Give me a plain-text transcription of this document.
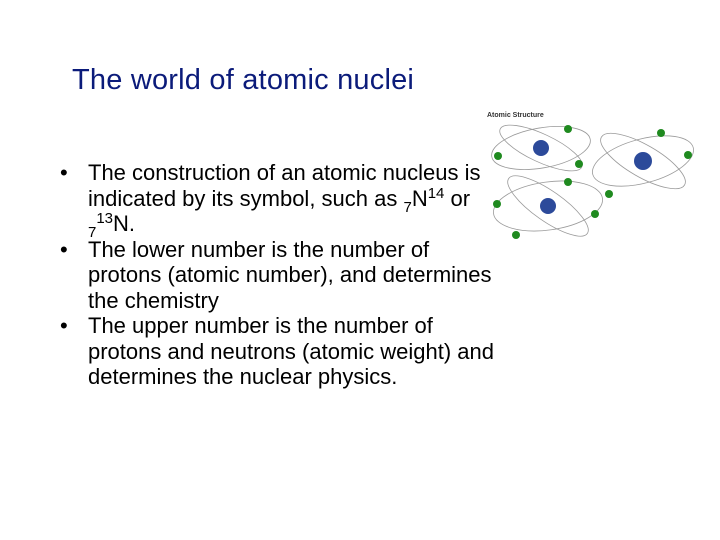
The world of atomic nuclei
• The construction of an atomic nucleus is indicated by its symbol, such as $_7N^{14}$ or $_7^{13}$N.
• The lower number is the number of protons (atomic number), and determines the chemistry
• The upper number is the number of protons and neutrons (atomic weight) and determines the nuclear physics.
Atomic Structure
